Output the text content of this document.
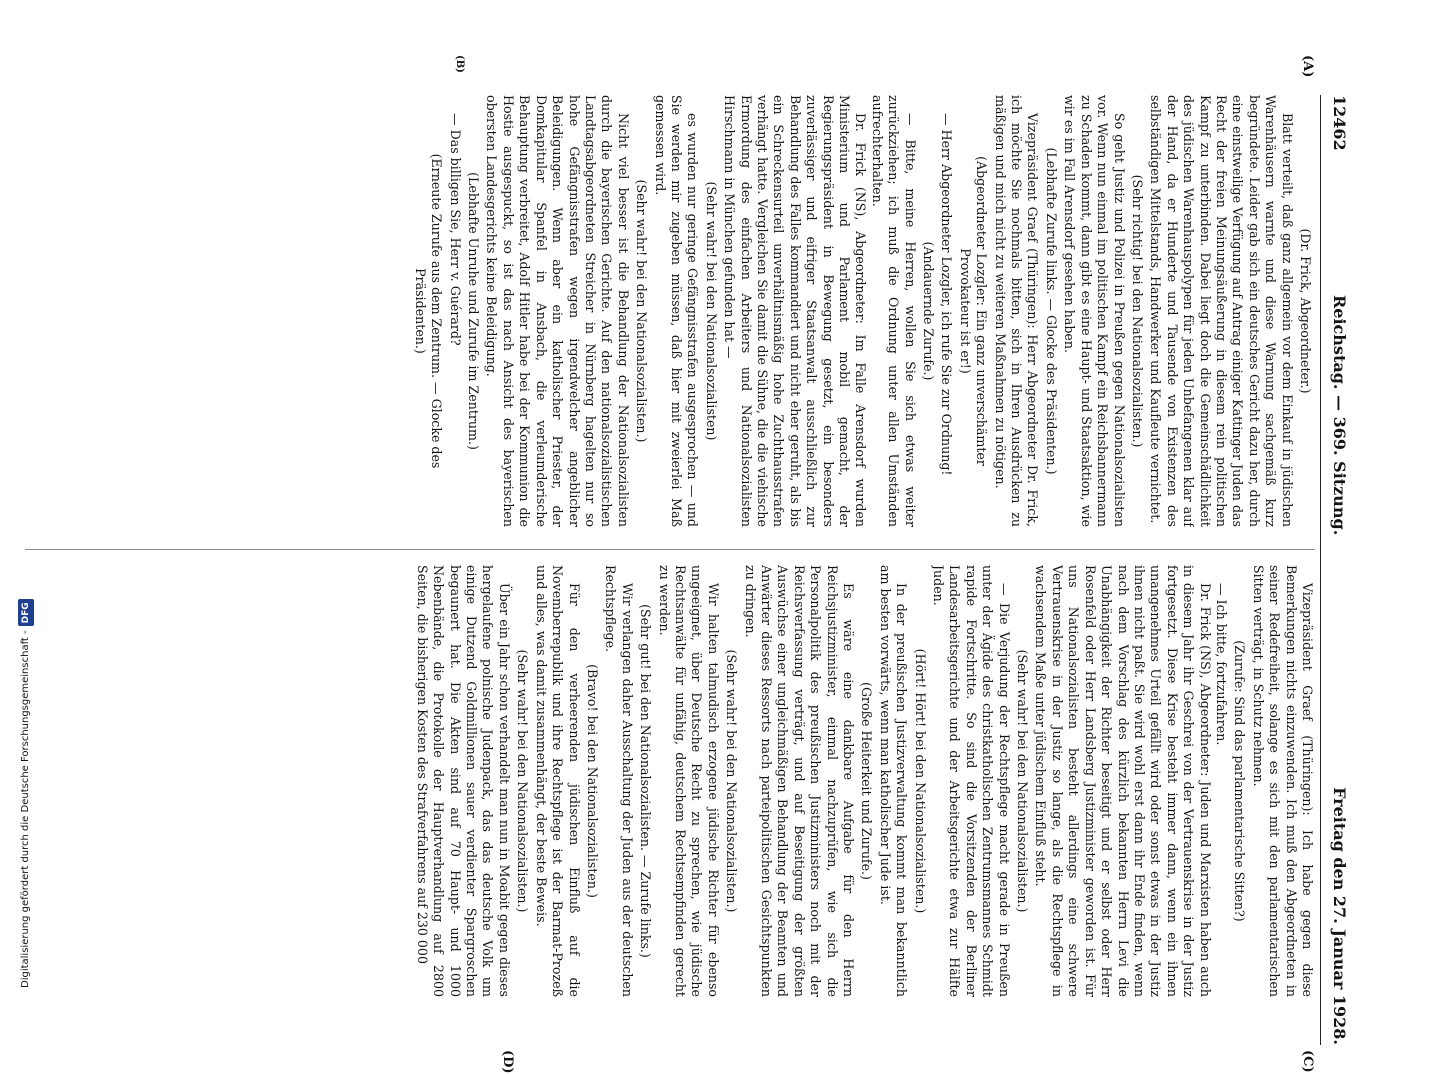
Digitalisierung gefördert durch die Deutsche Forschungsgemeinschaft -DFG
12462
Reichstag. — 369. Sitzung.
Freitag den 27. Januar 1928.
(A)
(B)
(C)
(D)

(Dr. Frick, Abgeordneter.)

Blatt verteilt, daß ganz allgemein vor dem Einkauf in jüdischen Warenhäusern warnte und diese Warnung sachgemäß kurz begründete. Leider gab sich ein deutsches Gericht dazu her, durch eine einstweilige Verfügung auf Antrag einiger Kattinger Juden das Recht der freien Meinungsäußerung in diesem rein politischen Kampf zu unterbinden. Dabei liegt doch die Gemeinschädlichkeit des jüdischen Warenhauspolypen für jeden Unbefangenen klar auf der Hand, da er Hunderte und Tausende von Existenzen des selbständigen Mittelstands, Handwerker und Kaufleute vernichtet.

(Sehr richtig! bei den Nationalsozialisten.)

So geht Justiz und Polizei in Preußen gegen Nationalsozialisten vor. Wenn nun einmal im politischen Kampf ein Reichsbannermann zu Schaden kommt, dann gibt es eine Haupt- und Staatsaktion, wie wir es im Fall Arensdorf gesehen haben.

(Lebhafte Zurufe links. — Glocke des Präsidenten.)

Vizepräsident Graef (Thüringen): Herr Abgeordneter Dr. Frick, ich möchte Sie nochmals bitten, sich in Ihren Ausdrücken zu mäßigen und mich nicht zu weiteren Maßnahmen zu nötigen.

(Abgeordneter Lozgler: Ein ganz unverschämter Provokateur ist er!)

— Herr Abgeordneter Lozgler, ich rufe Sie zur Ordnung!

(Andauernde Zurufe.)

— Bitte, meine Herren, wollen Sie sich etwas weiter zurückziehen; ich muß die Ordnung unter allen Umständen aufrechterhalten.

Dr. Frick (NS), Abgeordneter: Im Falle Arensdorf wurden Ministerium und Parlament mobil gemacht, der Regierungspräsident in Bewegung gesetzt, ein besonders zuverlässiger und eifriger Staatsanwalt ausschließlich zur Behandlung des Falles kommandiert und nicht eher geruht, als bis ein Schreckensurteil unverhältnismäßig hohe Zuchthausstrafen verhängt hatte. Vergleichen Sie damit die Sühne, die die viehische Ermordung des einfachen Arbeiters und Nationalsozialisten Hirschmann in München gefunden hat —

(Sehr wahr! bei den Nationalsozialisten)

es wurden nur geringe Gefängnisstrafen ausgesprochen — und Sie werden mir zugeben müssen, daß hier mit zweierlei Maß gemessen wird.

(Sehr wahr! bei den Nationalsozialisten.)

Nicht viel besser ist die Behandlung der Nationalsozialisten durch die bayerischen Gerichte. Auf den nationalsozialistischen Landtagsabgeordneten Streicher in Nürnberg hagelten nur so hohe Gefängnisstrafen wegen irgendwelcher angeblicher Beleidigungen. Wenn aber ein katholischer Priester, der Domkapitular Spanfel in Ansbach, die verleumderische Behauptung verbreitet, Adolf Hitler habe bei der Kommunion die Hostie ausgespuckt, so ist das nach Ansicht des bayerischen obersten Landesgerichts keine Beleidigung.

(Lebhafte Unruhe und Zurufe im Zentrum.)

— Das billigen Sie, Herr v. Guérard?

(Erneute Zurufe aus dem Zentrum. — Glocke des Präsidenten.)

Vizepräsident Graef (Thüringen): Ich habe gegen diese Bemerkungen nichts einzuwenden. Ich muß den Abgeordneten in seiner Redefreiheit, solange es sich mit den parlamentarischen Sitten verträgt, in Schutz nehmen.

(Zurufe: Sind das parlamentarische Sitten?)

— Ich bitte, fortzufahren.

Dr. Frick (NS), Abgeordneter: Juden und Marxisten haben auch in diesem Jahr ihr Geschrei von der Vertrauenskrise in der Justiz fortgesetzt. Diese Krise besteht immer dann, wenn ein ihnen unangenehmes Urteil gefällt wird oder sonst etwas in der Justiz ihnen nicht paßt. Sie wird wohl erst dann ihr Ende finden, wenn nach dem Vorschlag des kürzlich bekannten Herrn Levi die Unabhängigkeit der Richter beseitigt und er selbst oder Herr Rosenfeld oder Herr Landsberg Justizminister geworden ist. Für uns Nationalsozialisten besteht allerdings eine schwere Vertrauenskrise in der Justiz so lange, als die Rechtspflege in wachsendem Maße unter jüdischem Einfluß steht.

(Sehr wahr! bei den Nationalsozialisten.)

— Die Verjudung der Rechtspflege macht gerade in Preußen unter der Ägide des christkatholischen Zentrumsmannes Schmidt rapide Fortschritte. So sind die Vorsitzenden der Berliner Landesarbeitsgerichte und der Arbeitsgerichte etwa zur Hälfte Juden.

(Hört! Hört! bei den Nationalsozialisten.)

In der preußischen Justizverwaltung kommt man bekanntlich am besten vorwärts, wenn man katholischer Jude ist.

(Große Heiterkeit und Zurufe.)

Es wäre eine dankbare Aufgabe für den Herrn Reichsjustizminister, einmal nachzuprüfen, wie sich die Personalpolitik des preußischen Justizministers noch mit der Reichsverfassung verträgt, und auf Beseitigung der größten Auswüchse einer ungleichmäßigen Behandlung der Beamten und Anwärter dieses Ressorts nach parteipolitischen Gesichtspunkten zu dringen.

(Sehr wahr! bei den Nationalsozialisten.)

Wir halten talmudisch erzogene jüdische Richter für ebenso ungeeignet, über Deutsche Recht zu sprechen, wie jüdische Rechtsanwälte für unfähig, deutschem Rechtsempfinden gerecht zu werden.

(Sehr gut! bei den Nationalsozialisten. — Zurufe links.)

Wir verlangen daher Ausschaltung der Juden aus der deutschen Rechtspflege.

(Bravo! bei den Nationalsozialisten.)

Für den verheerenden jüdischen Einfluß auf die Novemberrepublik und ihre Rechtspflege ist der Barmat-Prozeß und alles, was damit zusammenhängt, der beste Beweis.

(Sehr wahr! bei den Nationalsozialisten.)

Über ein Jahr schon verhandelt man nun in Moabit gegen dieses hergelaufene polnische Judenpack, das das deutsche Volk um einige Dutzend Goldmillionen sauer verdienter Spargroschen begaunert hat. Die Akten sind auf 70 Haupt- und 1000 Nebenbände, die Protokolle der Hauptverhandlung auf 2800 Seiten, die bisherigen Kosten des Strafverfahrens auf 230 000
